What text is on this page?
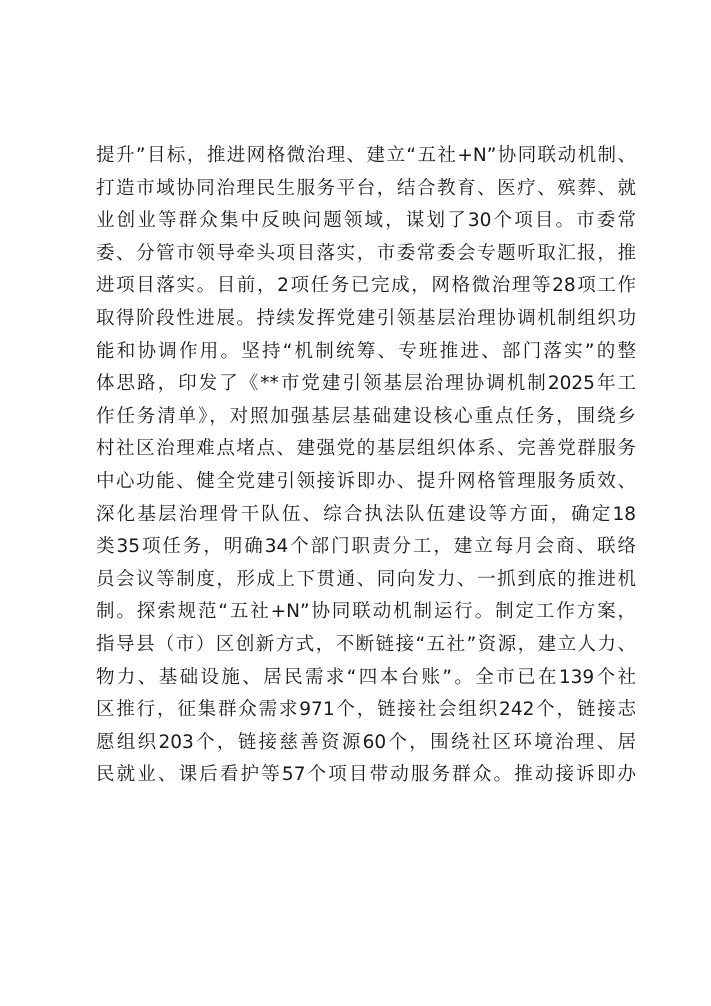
提升”目标，推进网格微治理、建立“五社+N”协同联动机制、
打造市域协同治理民生服务平台，结合教育、医疗、殡葬、就
业创业等群众集中反映问题领域，谋划了30个项目。市委常
委、分管市领导牵头项目落实，市委常委会专题听取汇报，推
进项目落实。目前，2项任务已完成，网格微治理等28项工作
取得阶段性进展。持续发挥党建引领基层治理协调机制组织功
能和协调作用。坚持“机制统筹、专班推进、部门落实”的整
体思路，印发了《**市党建引领基层治理协调机制2025年工
作任务清单》，对照加强基层基础建设核心重点任务，围绕乡
村社区治理难点堵点、建强党的基层组织体系、完善党群服务
中心功能、健全党建引领接诉即办、提升网格管理服务质效、
深化基层治理骨干队伍、综合执法队伍建设等方面，确定18
类35项任务，明确34个部门职责分工，建立每月会商、联络
员会议等制度，形成上下贯通、同向发力、一抓到底的推进机
制。探索规范“五社+N”协同联动机制运行。制定工作方案，
指导县（市）区创新方式，不断链接“五社”资源，建立人力、
物力、基础设施、居民需求“四本台账”。全市已在139个社
区推行，征集群众需求971个，链接社会组织242个，链接志
愿组织203个，链接慈善资源60个，围绕社区环境治理、居
民就业、课后看护等57个项目带动服务群众。推动接诉即办
